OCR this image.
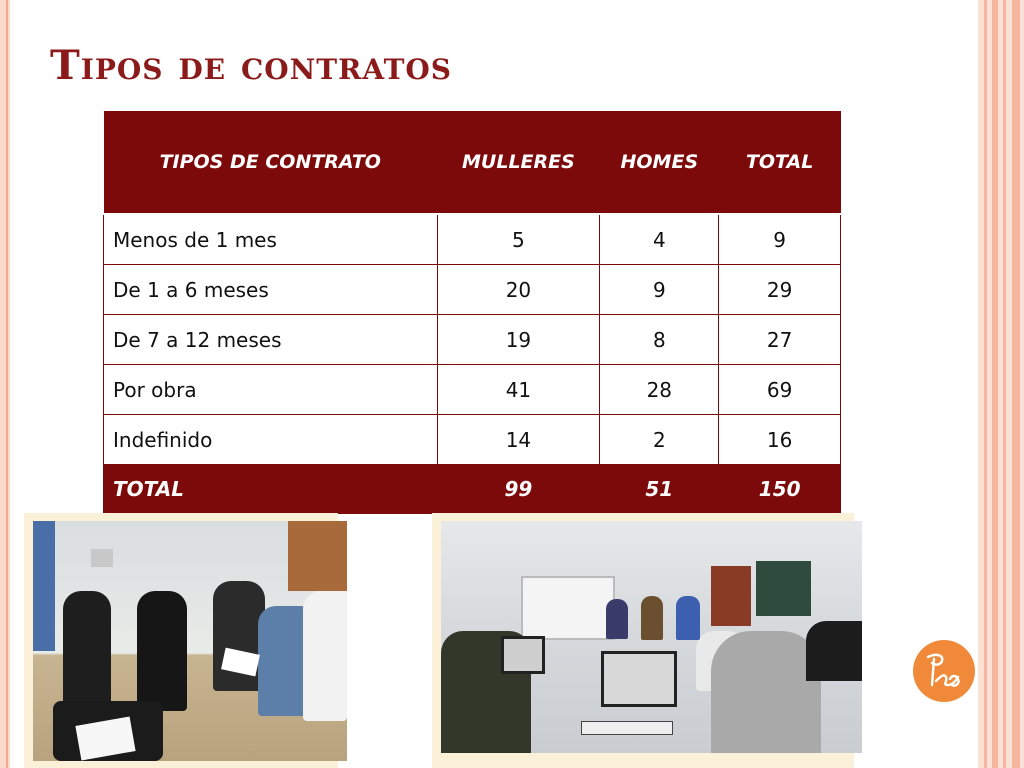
Tipos de contratos
TIPOS DE CONTRATO	MULLERES	HOMES	TOTAL
Menos de 1 mes	5	4	9
De 1 a 6 meses	20	9	29
De 7 a 12 meses	19	8	27
Por obra	41	28	69
Indefinido	14	2	16
TOTAL	99	51	150
